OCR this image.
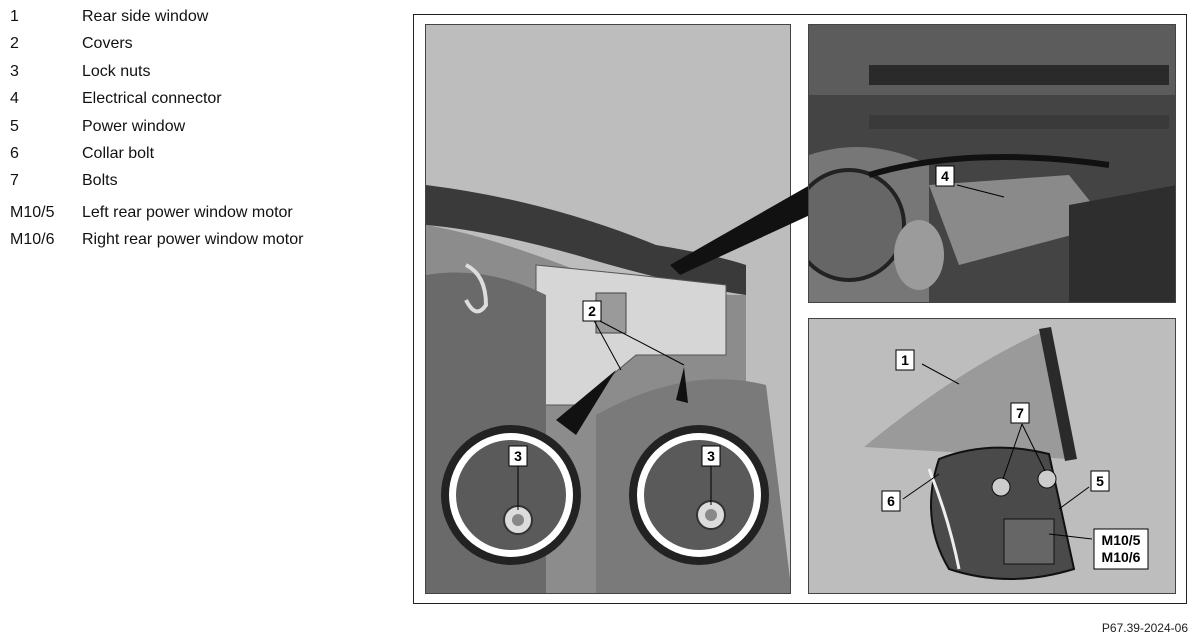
1	Rear side window
2	Covers
3	Lock nuts
4	Electrical connector
5	Power window
6	Collar bolt
7	Bolts
M10/5 Left rear power window motor
M10/6 Right rear power window motor
2
3	3
4
1
7
5
6
M10/5
M10/6
P67.39-2024-06
